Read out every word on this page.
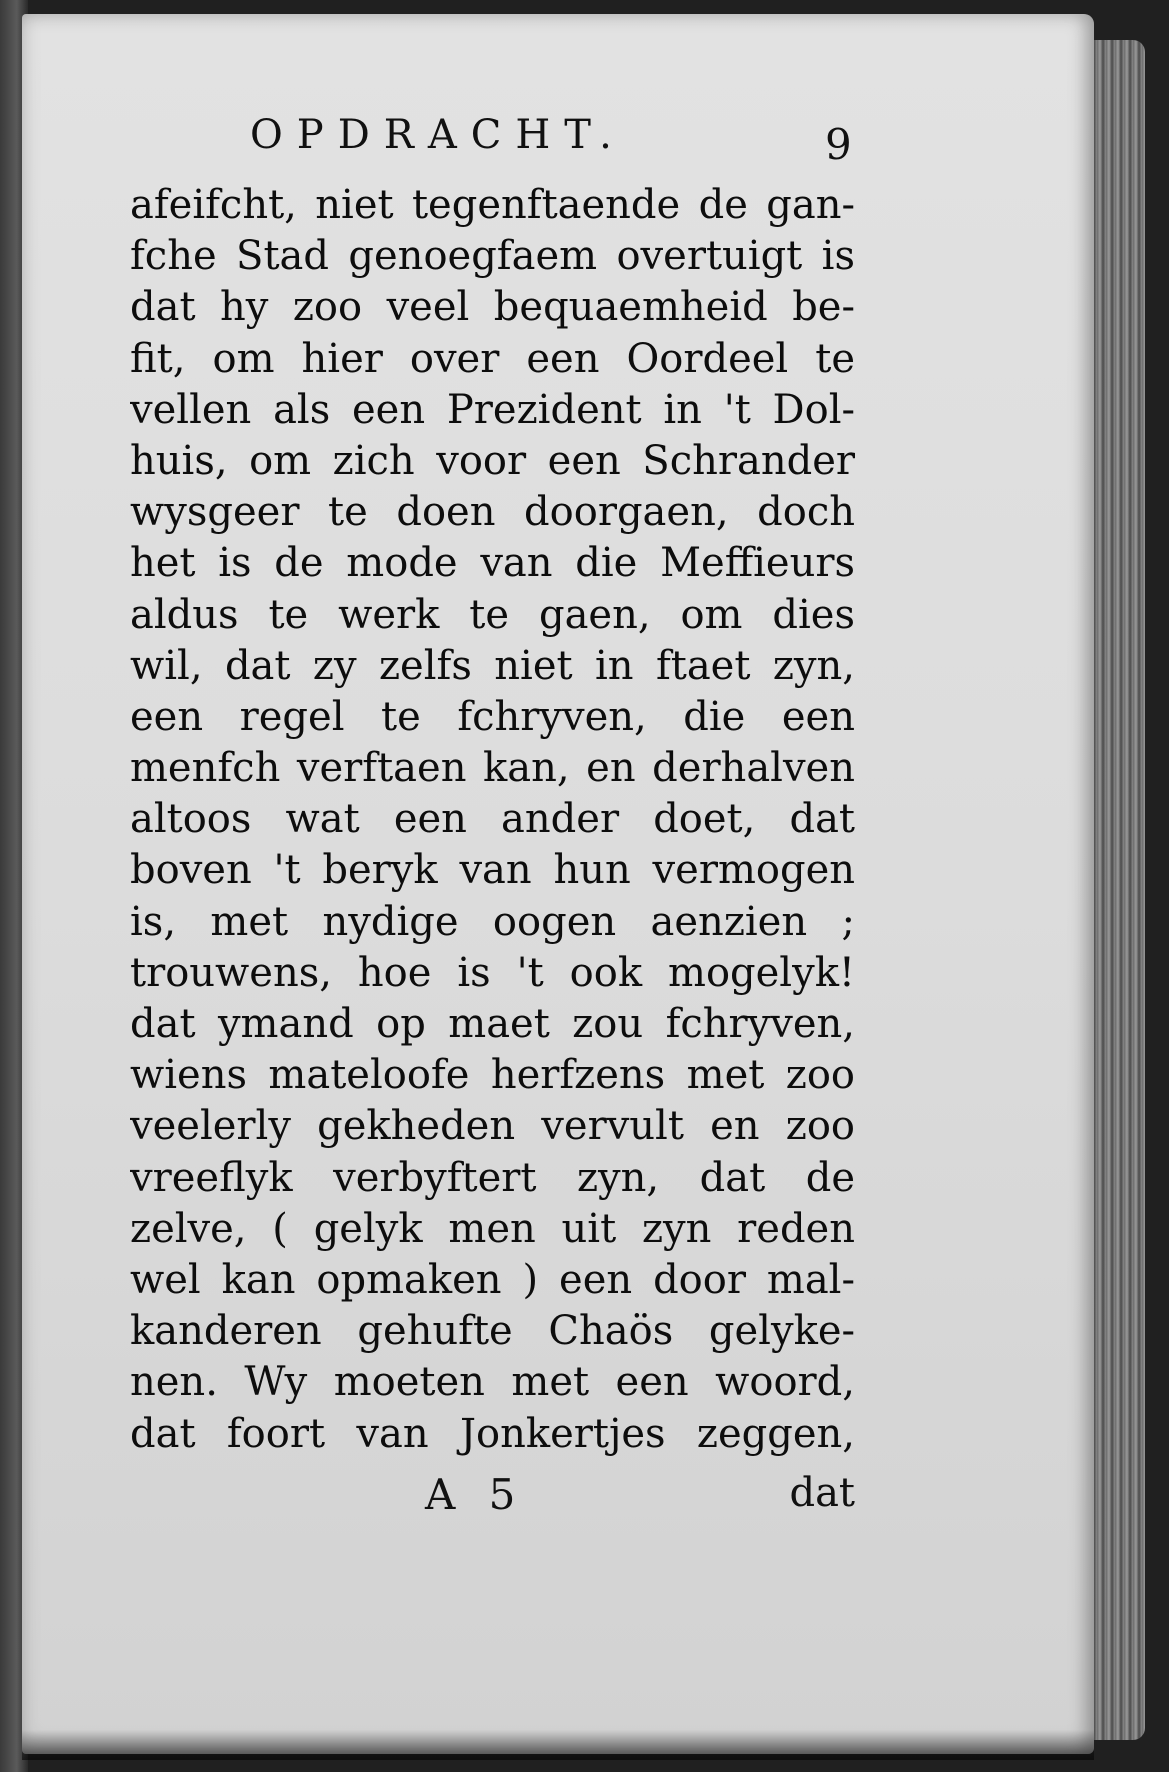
OPDRACHT.	9
afeifcht, niet tegenftaende de gan-
fche Stad genoegfaem overtuigt is
dat hy zoo veel bequaemheid be-
fit, om hier over een Oordeel te
vellen als een Prezident in 't Dol-
huis, om zich voor een Schrander
wysgeer te doen doorgaen, doch
het is de mode van die Meffieurs
aldus te werk te gaen, om dies
wil, dat zy zelfs niet in ftaet zyn,
een regel te fchryven, die een
menfch verftaen kan, en derhalven
altoos wat een ander doet, dat
boven 't beryk van hun vermogen
is, met nydige oogen aenzien ;
trouwens, hoe is 't ook mogelyk!
dat ymand op maet zou fchryven,
wiens mateloofe herfzens met zoo
veelerly gekheden vervult en zoo
vreeflyk verbyftert zyn, dat de
zelve, ( gelyk men uit zyn reden
wel kan opmaken ) een door mal-
kanderen gehufte Chaös gelyke-
nen. Wy moeten met een woord,
dat foort van Jonkertjes zeggen,
A 5	dat
